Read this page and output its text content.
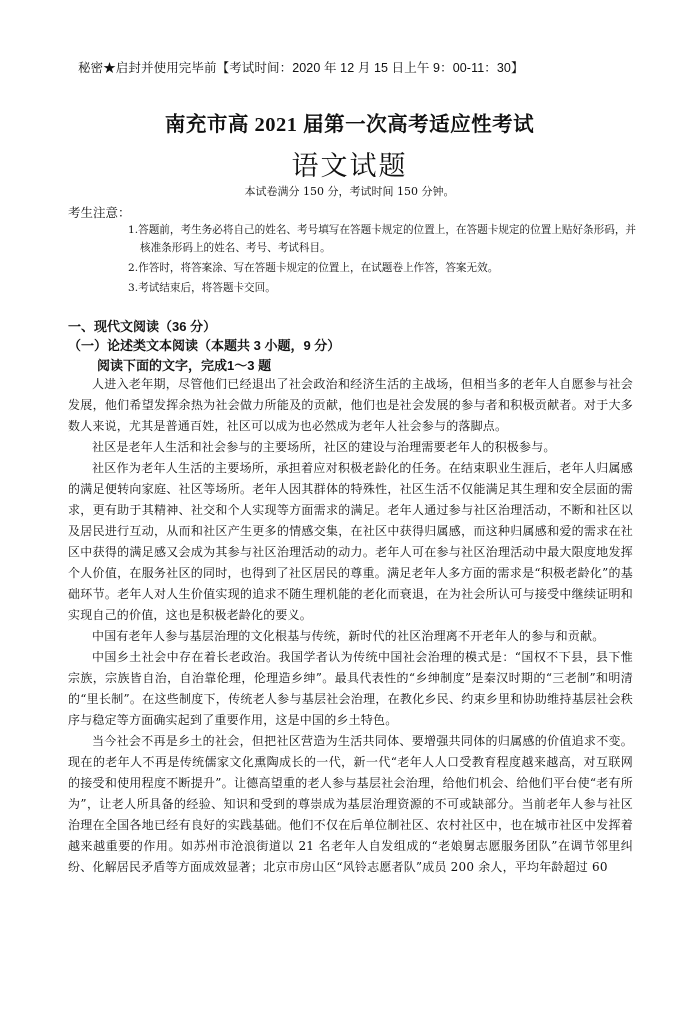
秘密★启封并使用完毕前【考试时间：2020 年 12 月 15 日上午 9：00-11：30】
南充市高 2021 届第一次高考适应性考试
语文试题
本试卷满分 150 分，考试时间 150 分钟。
考生注意：
1.答题前，考生务必将自己的姓名、考号填写在答题卡规定的位置上，在答题卡规定的位置上贴好条形码，并核准条形码上的姓名、考号、考试科目。
2.作答时，将答案涂、写在答题卡规定的位置上，在试题卷上作答，答案无效。
3.考试结束后，将答题卡交回。
一、现代文阅读（36 分）
（一）论述类文本阅读（本题共 3 小题，9 分）
阅读下面的文字，完成1～3 题

人进入老年期，尽管他们已经退出了社会政治和经济生活的主战场，但相当多的老年人自愿参与社会发展，他们希望发挥余热为社会做力所能及的贡献，他们也是社会发展的参与者和积极贡献者。对于大多数人来说，尤其是普通百姓，社区可以成为也必然成为老年人社会参与的落脚点。

社区是老年人生活和社会参与的主要场所，社区的建设与治理需要老年人的积极参与。

社区作为老年人生活的主要场所，承担着应对积极老龄化的任务。在结束职业生涯后，老年人归属感的满足便转向家庭、社区等场所。老年人因其群体的特殊性，社区生活不仅能满足其生理和安全层面的需求，更有助于其精神、社交和个人实现等方面需求的满足。老年人通过参与社区治理活动，不断和社区以及居民进行互动，从而和社区产生更多的情感交集，在社区中获得归属感，而这种归属感和爱的需求在社区中获得的满足感又会成为其参与社区治理活动的动力。老年人可在参与社区治理活动中最大限度地发挥个人价值，在服务社区的同时，也得到了社区居民的尊重。满足老年人多方面的需求是“积极老龄化”的基础环节。老年人对人生价值实现的追求不随生理机能的老化而衰退，在为社会所认可与接受中继续证明和实现自己的价值，这也是积极老龄化的要义。

中国有老年人参与基层治理的文化根基与传统，新时代的社区治理离不开老年人的参与和贡献。

中国乡土社会中存在着长老政治。我国学者认为传统中国社会治理的模式是：“国权不下县，县下惟宗族，宗族皆自治，自治靠伦理，伦理造乡绅”。最具代表性的“乡绅制度”是秦汉时期的“三老制”和明清的“里长制”。在这些制度下，传统老人参与基层社会治理，在教化乡民、约束乡里和协助维持基层社会秩序与稳定等方面确实起到了重要作用，这是中国的乡土特色。

当今社会不再是乡土的社会，但把社区营造为生活共同体、要增强共同体的归属感的价值追求不变。现在的老年人不再是传统儒家文化熏陶成长的一代，新一代“老年人人口受教育程度越来越高，对互联网的接受和使用程度不断提升”。让德高望重的老人参与基层社会治理，给他们机会、给他们平台使“老有所为”，让老人所具备的经验、知识和受到的尊崇成为基层治理资源的不可或缺部分。当前老年人参与社区治理在全国各地已经有良好的实践基础。他们不仅在后单位制社区、农村社区中，也在城市社区中发挥着越来越重要的作用。如苏州市沧浪街道以 21 名老年人自发组成的“老娘舅志愿服务团队”在调节邻里纠纷、化解居民矛盾等方面成效显著；北京市房山区“风铃志愿者队”成员 200 余人，平均年龄超过 60
